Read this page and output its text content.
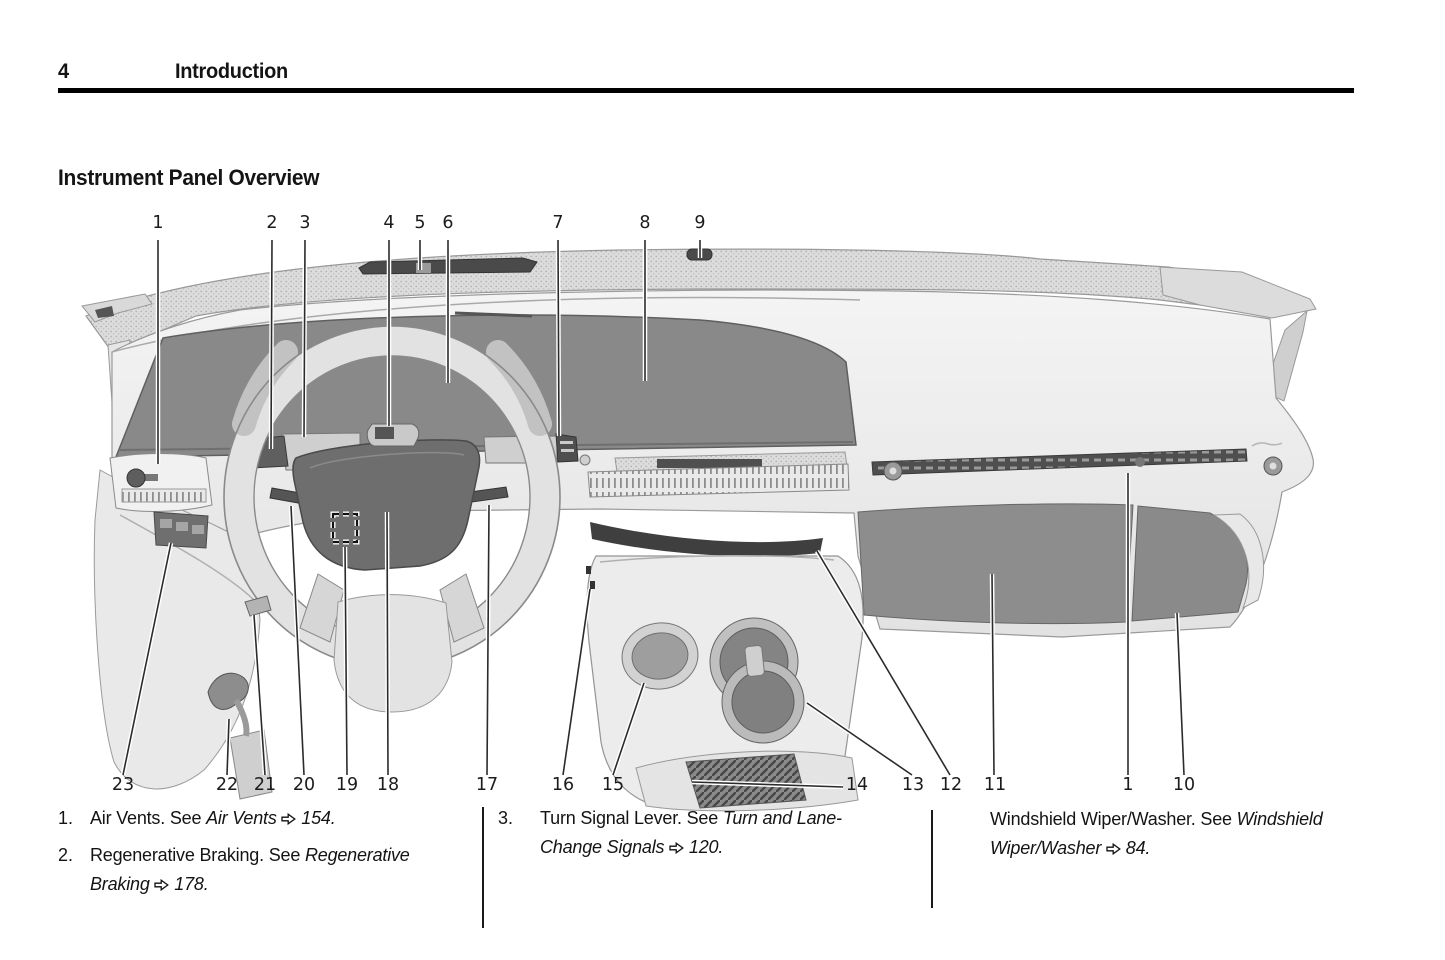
4	Introduction
Instrument Panel Overview
1	2 3	4 5 6	7	8	9
23	22 21 20 19 18	17	16 15	14 13 12 11	1 10
1. Air Vents. See Air Vents 154.

2. Regenerative Braking. See Regenerative Braking 178.

3.	Turn Signal Lever. See Turn and Lane-Change Signals 120.

Windshield Wiper/Washer. See Windshield Wiper/Washer 84.
